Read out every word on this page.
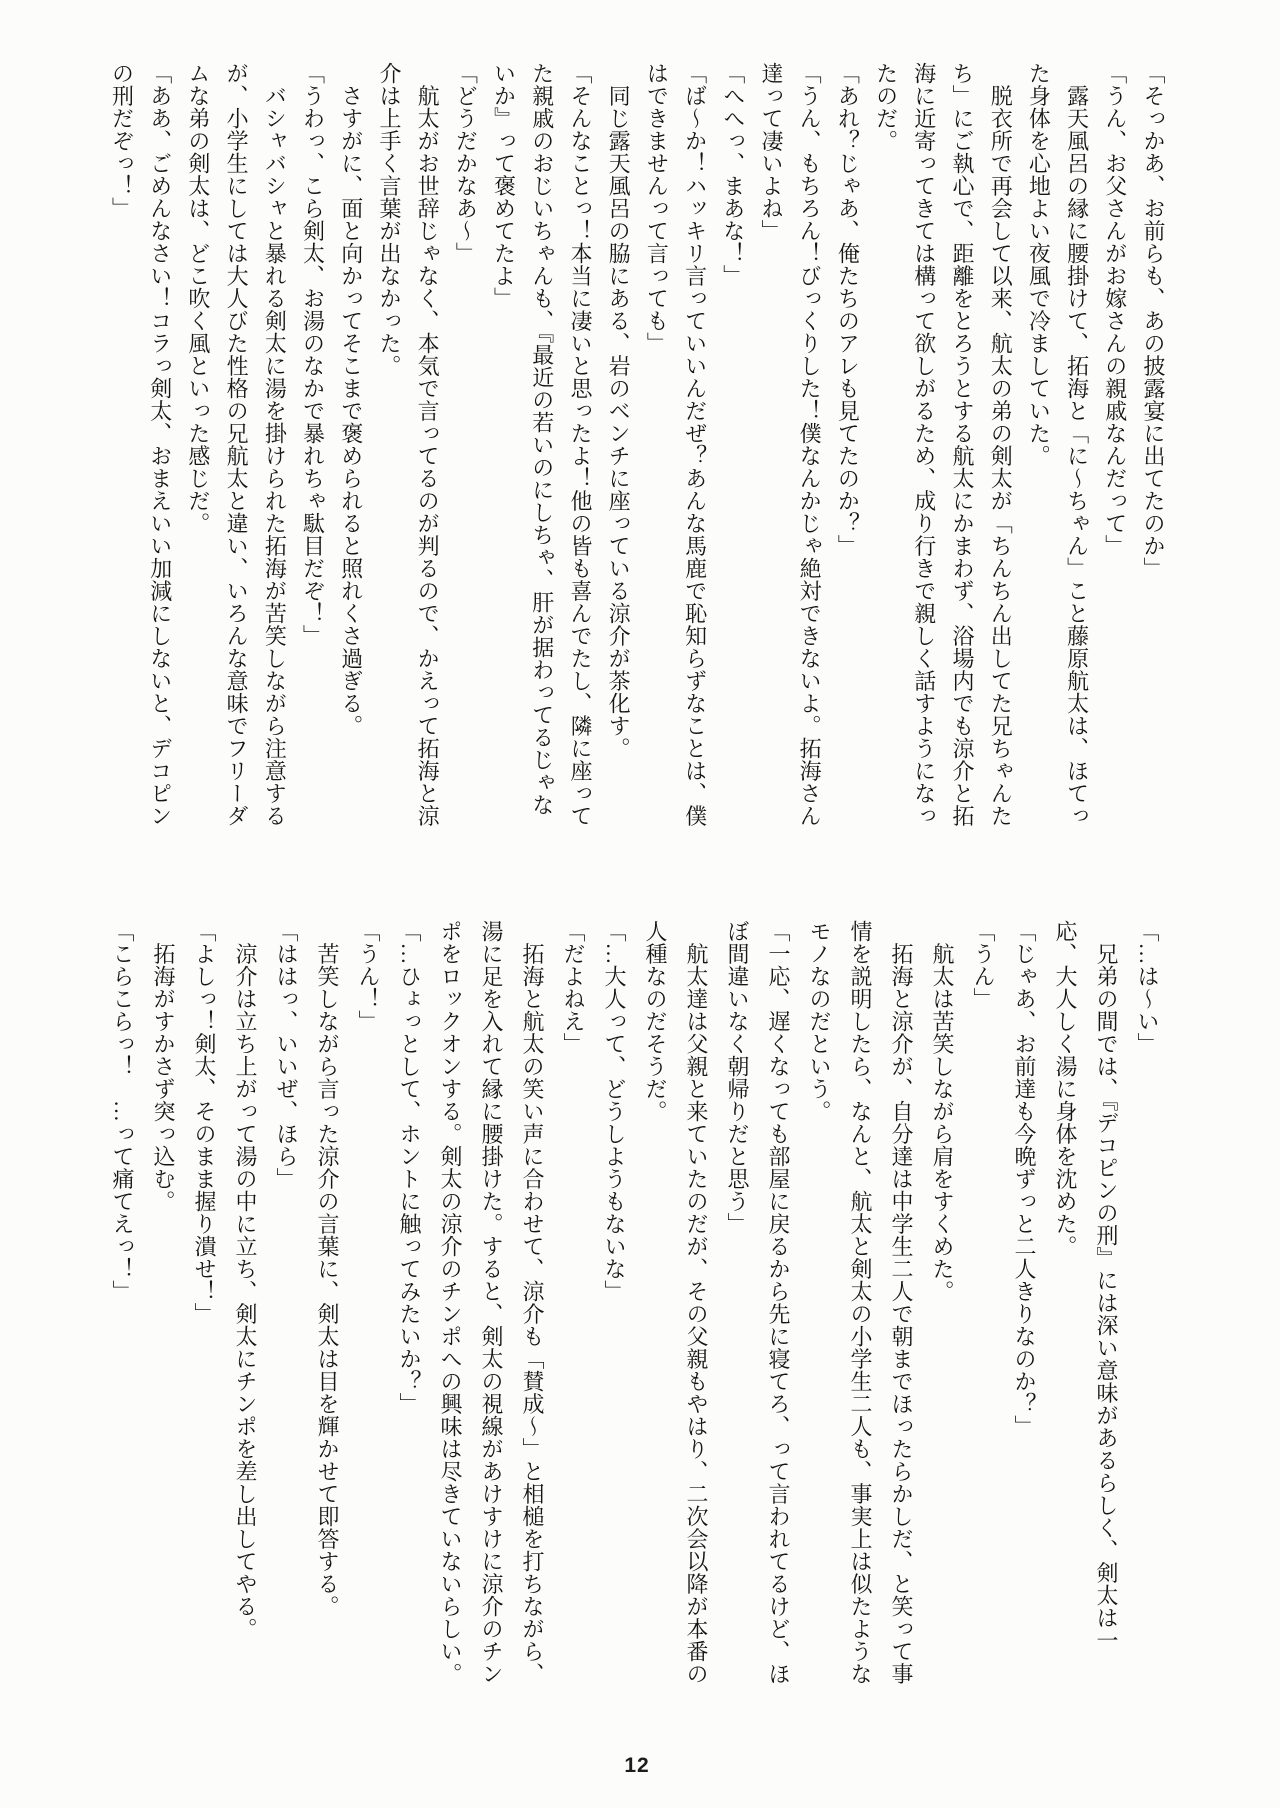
「そっかあ、お前らも、あの披露宴に出てたのか」

「うん、お父さんがお嫁さんの親戚なんだって」

　露天風呂の縁に腰掛けて、拓海と「に〜ちゃん」こと藤原航太は、ほてっ

た身体を心地よい夜風で冷ましていた。

　脱衣所で再会して以来、航太の弟の剣太が「ちんちん出してた兄ちゃんた

ち」にご執心で、距離をとろうとする航太にかまわず、浴場内でも涼介と拓

海に近寄ってきては構って欲しがるため、成り行きで親しく話すようになっ

たのだ。

「あれ？じゃあ、俺たちのアレも見てたのか？」

「うん、もちろん！びっくりした！僕なんかじゃ絶対できないよ。拓海さん

達って凄いよね」

「へへっ、まあな！」

「ば〜か！ハッキリ言っていいんだぜ？あんな馬鹿で恥知らずなことは、僕

はできませんって言っても」

　同じ露天風呂の脇にある、岩のベンチに座っている涼介が茶化す。

「そんなことっ！本当に凄いと思ったよ！他の皆も喜んでたし、隣に座って

た親戚のおじいちゃんも、『最近の若いのにしちゃ、肝が据わってるじゃな

いか』って褒めてたよ」

「どうだかなあ〜」

　航太がお世辞じゃなく、本気で言ってるのが判るので、かえって拓海と涼

介は上手く言葉が出なかった。

　さすがに、面と向かってそこまで褒められると照れくさ過ぎる。

「うわっ、こら剣太、お湯のなかで暴れちゃ駄目だぞ！」

　バシャバシャと暴れる剣太に湯を掛けられた拓海が苦笑しながら注意する

が、小学生にしては大人びた性格の兄航太と違い、いろんな意味でフリーダ

ムな弟の剣太は、どこ吹く風といった感じだ。

「ああ、ごめんなさい！コラっ剣太、おまえいい加減にしないと、デコピン

の刑だぞっ！」

「…は〜い」

　兄弟の間では、『デコピンの刑』には深い意味があるらしく、剣太は一

応、大人しく湯に身体を沈めた。

「じゃあ、お前達も今晩ずっと二人きりなのか？」

「うん」

　航太は苦笑しながら肩をすくめた。

　拓海と涼介が、自分達は中学生二人で朝までほったらかしだ、と笑って事

情を説明したら、なんと、航太と剣太の小学生二人も、事実上は似たような

モノなのだという。

「一応、遅くなっても部屋に戻るから先に寝てろ、って言われてるけど、ほ

ぼ間違いなく朝帰りだと思う」

　航太達は父親と来ていたのだが、その父親もやはり、二次会以降が本番の

人種なのだそうだ。

「…大人って、どうしようもないな」

「だよねえ」

　拓海と航太の笑い声に合わせて、涼介も「賛成〜」と相槌を打ちながら、

湯に足を入れて縁に腰掛けた。すると、剣太の視線があけすけに涼介のチン

ポをロックオンする。剣太の涼介のチンポへの興味は尽きていないらしい。

「…ひょっとして、ホントに触ってみたいか？」

「うん！」

　苦笑しながら言った涼介の言葉に、剣太は目を輝かせて即答する。

「ははっ、いいぜ、ほら」

　涼介は立ち上がって湯の中に立ち、剣太にチンポを差し出してやる。

「よしっ！剣太、そのまま握り潰せ！」

　拓海がすかさず突っ込む。

「こらこらっ！　…って痛てえっ！」

12
